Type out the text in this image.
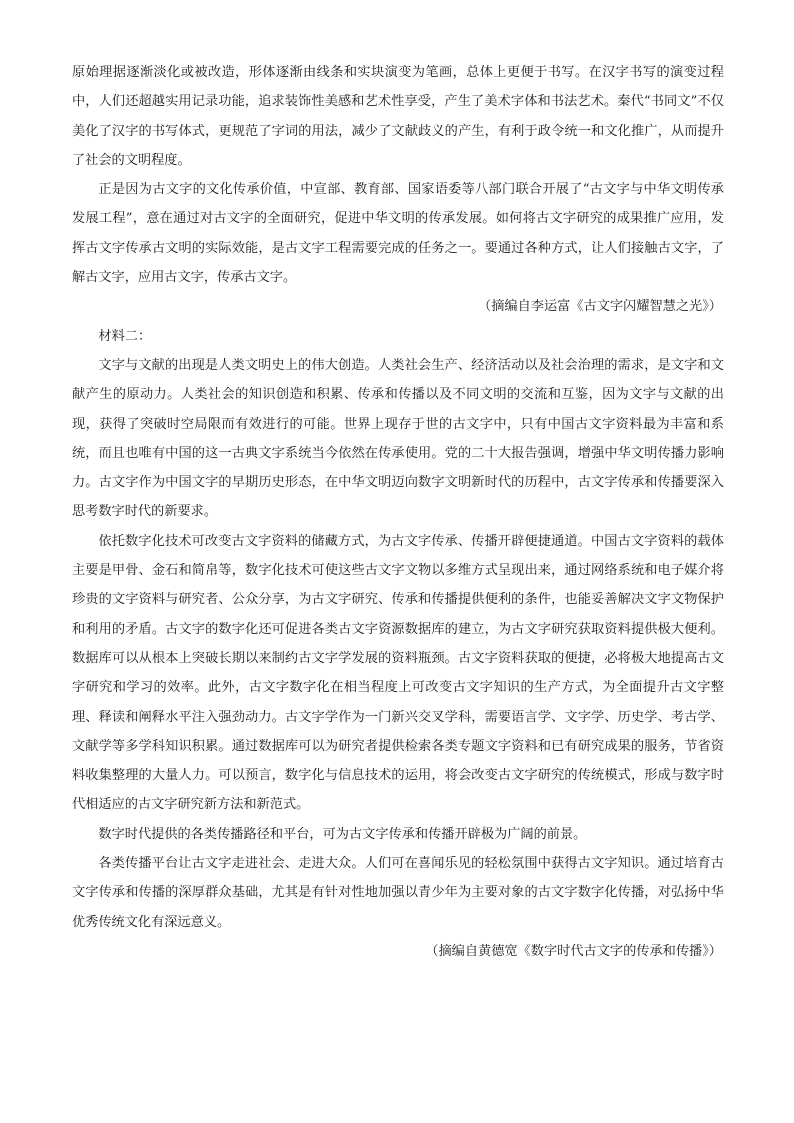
原始理据逐渐淡化或被改造，形体逐渐由线条和实块演变为笔画，总体上更便于书写。在汉字书写的演变过程中，人们还超越实用记录功能，追求装饰性美感和艺术性享受，产生了美术字体和书法艺术。秦代“书同文”不仅美化了汉字的书写体式，更规范了字词的用法，减少了文献歧义的产生，有利于政令统一和文化推广，从而提升了社会的文明程度。

正是因为古文字的文化传承价值，中宣部、教育部、国家语委等八部门联合开展了“古文字与中华文明传承发展工程”，意在通过对古文字的全面研究，促进中华文明的传承发展。如何将古文字研究的成果推广应用，发挥古文字传承古文明的实际效能，是古文字工程需要完成的任务之一。要通过各种方式，让人们接触古文字，了解古文字，应用古文字，传承古文字。

（摘编自李运富《古文字闪耀智慧之光》）

材料二：

文字与文献的出现是人类文明史上的伟大创造。人类社会生产、经济活动以及社会治理的需求，是文字和文献产生的原动力。人类社会的知识创造和积累、传承和传播以及不同文明的交流和互鉴，因为文字与文献的出现，获得了突破时空局限而有效进行的可能。世界上现存于世的古文字中，只有中国古文字资料最为丰富和系统，而且也唯有中国的这一古典文字系统当今依然在传承使用。党的二十大报告强调，增强中华文明传播力影响力。古文字作为中国文字的早期历史形态，在中华文明迈向数字文明新时代的历程中，古文字传承和传播要深入思考数字时代的新要求。

依托数字化技术可改变古文字资料的储藏方式，为古文字传承、传播开辟便捷通道。中国古文字资料的载体主要是甲骨、金石和简帛等，数字化技术可使这些古文字文物以多维方式呈现出来，通过网络系统和电子媒介将珍贵的文字资料与研究者、公众分享，为古文字研究、传承和传播提供便利的条件，也能妥善解决文字文物保护和利用的矛盾。古文字的数字化还可促进各类古文字资源数据库的建立，为古文字研究获取资料提供极大便利。数据库可以从根本上突破长期以来制约古文字学发展的资料瓶颈。古文字资料获取的便捷，必将极大地提高古文字研究和学习的效率。此外，古文字数字化在相当程度上可改变古文字知识的生产方式，为全面提升古文字整理、释读和阐释水平注入强劲动力。古文字学作为一门新兴交叉学科，需要语言学、文字学、历史学、考古学、文献学等多学科知识积累。通过数据库可以为研究者提供检索各类专题文字资料和已有研究成果的服务，节省资料收集整理的大量人力。可以预言，数字化与信息技术的运用，将会改变古文字研究的传统模式，形成与数字时代相适应的古文字研究新方法和新范式。

数字时代提供的各类传播路径和平台，可为古文字传承和传播开辟极为广阔的前景。

各类传播平台让古文字走进社会、走进大众。人们可在喜闻乐见的轻松氛围中获得古文字知识。通过培育古文字传承和传播的深厚群众基础，尤其是有针对性地加强以青少年为主要对象的古文字数字化传播，对弘扬中华优秀传统文化有深远意义。

（摘编自黄德宽《数字时代古文字的传承和传播》）
